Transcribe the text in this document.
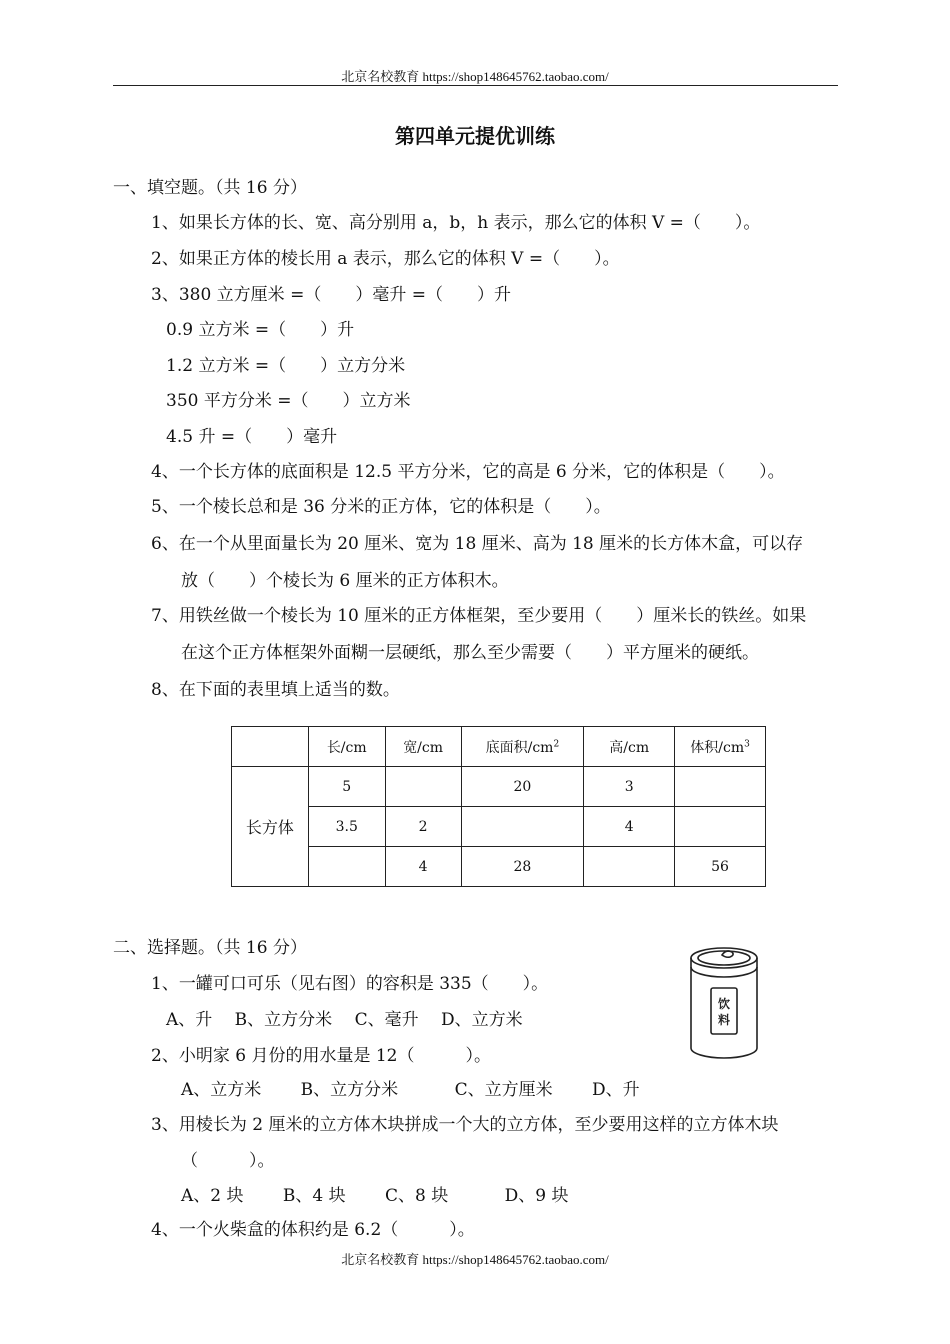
北京名校教育 https://shop148645762.taobao.com/
第四单元提优训练
一、填空题。（共 16 分）
1、如果长方体的长、宽、高分别用 a，b，h 表示，那么它的体积 V =（　　）。
2、如果正方体的棱长用 a 表示，那么它的体积 V =（　　）。
3、380 立方厘米 =（　　）毫升 =（　　）升
0.9 立方米 =（　　）升
1.2 立方米 =（　　）立方分米
350 平方分米 =（　　）立方米
4.5 升 =（　　）毫升
4、一个长方体的底面积是 12.5 平方分米，它的高是 6 分米，它的体积是（　　）。
5、一个棱长总和是 36 分米的正方体，它的体积是（　　）。
6、在一个从里面量长为 20 厘米、宽为 18 厘米、高为 18 厘米的长方体木盒，可以存
放（　　）个棱长为 6 厘米的正方体积木。
7、用铁丝做一个棱长为 10 厘米的正方体框架，至少要用（　　）厘米长的铁丝。如果
在这个正方体框架外面糊一层硬纸，那么至少需要（　　）平方厘米的硬纸。
8、在下面的表里填上适当的数。
	长/cm	宽/cm	底面积$/cm^2$	高/cm	体积$/cm^3$
长方体	5		20	3	
	3.5	2		4	
		4	28		56
二、选择题。（共 16 分）
1、一罐可口可乐（见右图）的容积是 335（　　）。
A、升　 B、立方分米　 C、毫升　 D、立方米
2、小明家 6 月份的用水量是 12（　　　）。
A、立方米　　 B、立方分米　　　 C、立方厘米　　 D、升
3、用棱长为 2 厘米的立方体木块拼成一个大的立方体，至少要用这样的立方体木块
（　　　）。
A、2 块　　 B、4 块　　 C、8 块　　　 D、9 块
4、一个火柴盒的体积约是 6.2（　　　）。
饮
料
北京名校教育 https://shop148645762.taobao.com/
